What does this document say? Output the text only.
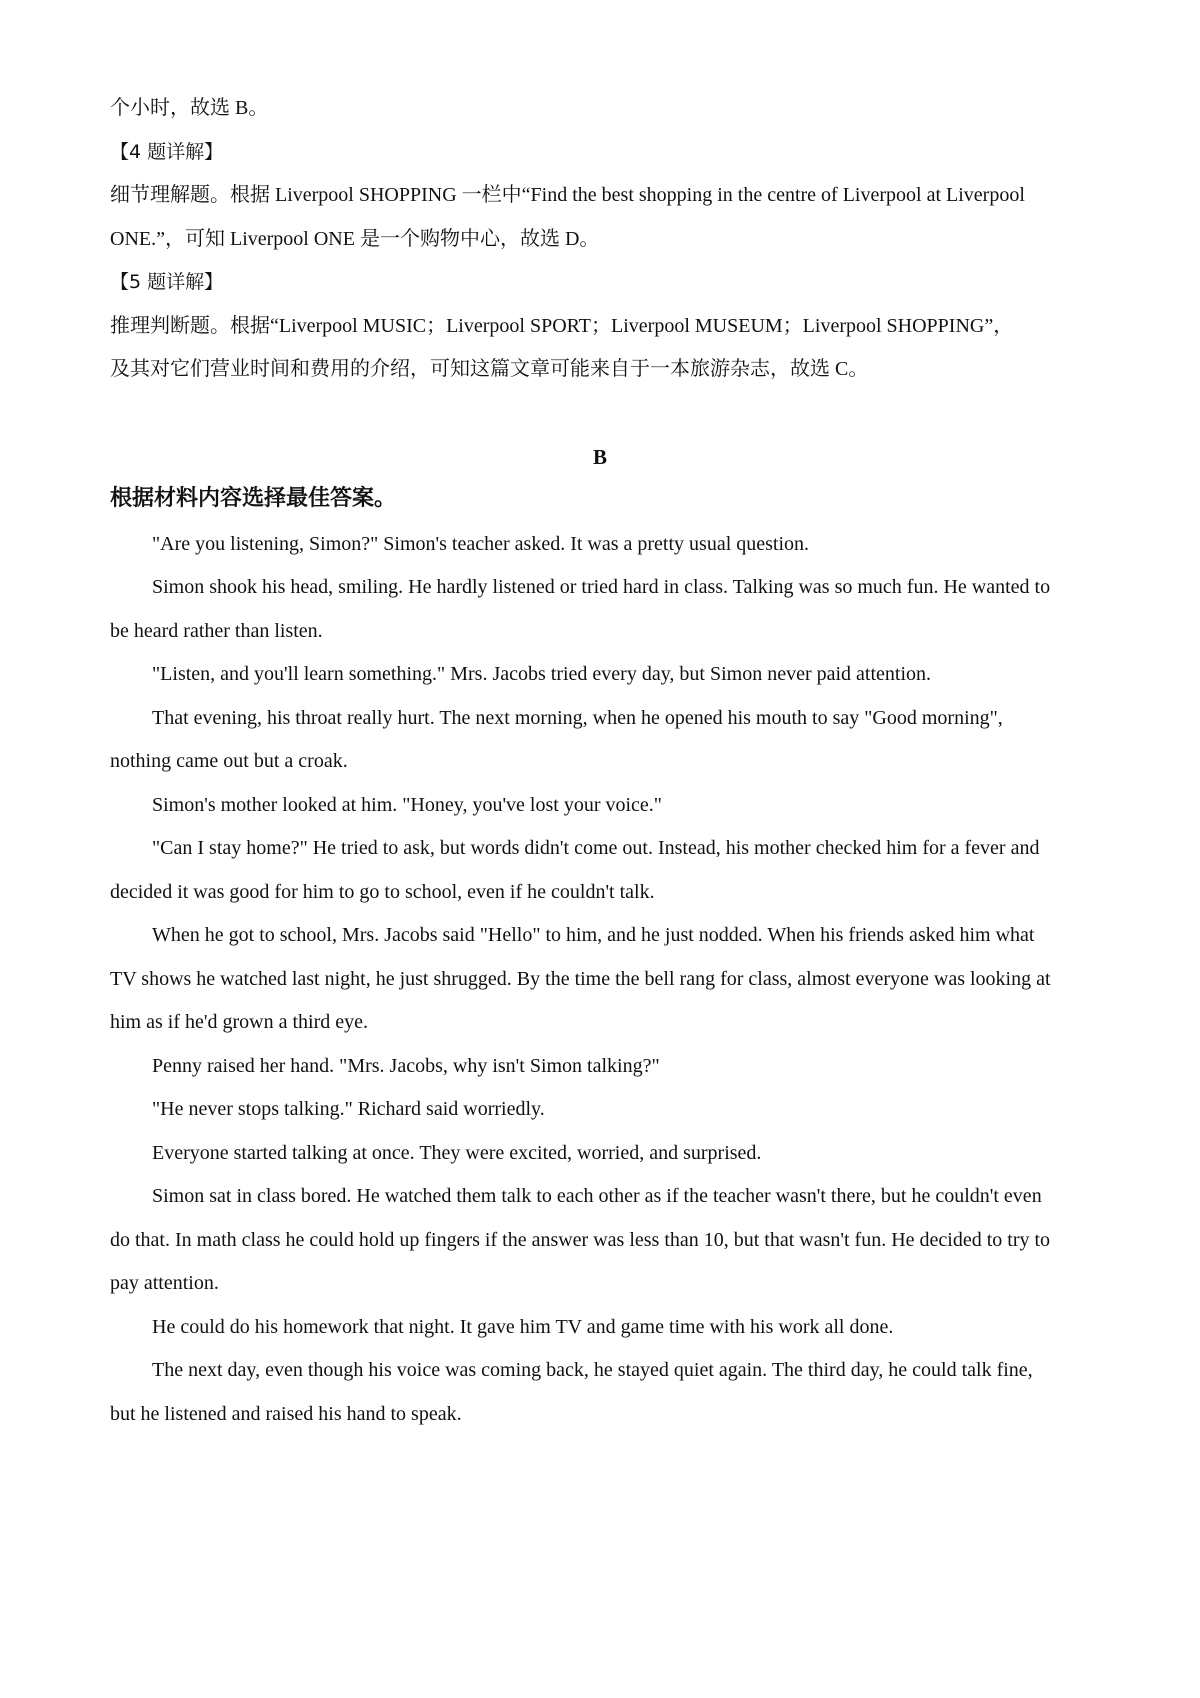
个小时，故选 B。
【4 题详解】
细节理解题。根据 Liverpool SHOPPING 一栏中“Find the best shopping in the centre of Liverpool at Liverpool
ONE.”，可知 Liverpool ONE 是一个购物中心，故选 D。
【5 题详解】
推理判断题。根据“Liverpool MUSIC；Liverpool SPORT；Liverpool MUSEUM；Liverpool SHOPPING”，
及其对它们营业时间和费用的介绍，可知这篇文章可能来自于一本旅游杂志，故选 C。
B
根据材料内容选择最佳答案。
"Are you listening, Simon?" Simon's teacher asked. It was a pretty usual question.
Simon shook his head, smiling. He hardly listened or tried hard in class. Talking was so much fun. He wanted to
be heard rather than listen.
"Listen, and you'll learn something." Mrs. Jacobs tried every day, but Simon never paid attention.
That evening, his throat really hurt. The next morning, when he opened his mouth to say "Good morning",
nothing came out but a croak.
Simon's mother looked at him. "Honey, you've lost your voice."
"Can I stay home?" He tried to ask, but words didn't come out. Instead, his mother checked him for a fever and
decided it was good for him to go to school, even if he couldn't talk.
When he got to school, Mrs. Jacobs said "Hello" to him, and he just nodded. When his friends asked him what
TV shows he watched last night, he just shrugged. By the time the bell rang for class, almost everyone was looking at
him as if he'd grown a third eye.
Penny raised her hand. "Mrs. Jacobs, why isn't Simon talking?"
"He never stops talking." Richard said worriedly.
Everyone started talking at once. They were excited, worried, and surprised.
Simon sat in class bored. He watched them talk to each other as if the teacher wasn't there, but he couldn't even
do that. In math class he could hold up fingers if the answer was less than 10, but that wasn't fun. He decided to try to
pay attention.
He could do his homework that night. It gave him TV and game time with his work all done.
The next day, even though his voice was coming back, he stayed quiet again. The third day, he could talk fine,
but he listened and raised his hand to speak.
